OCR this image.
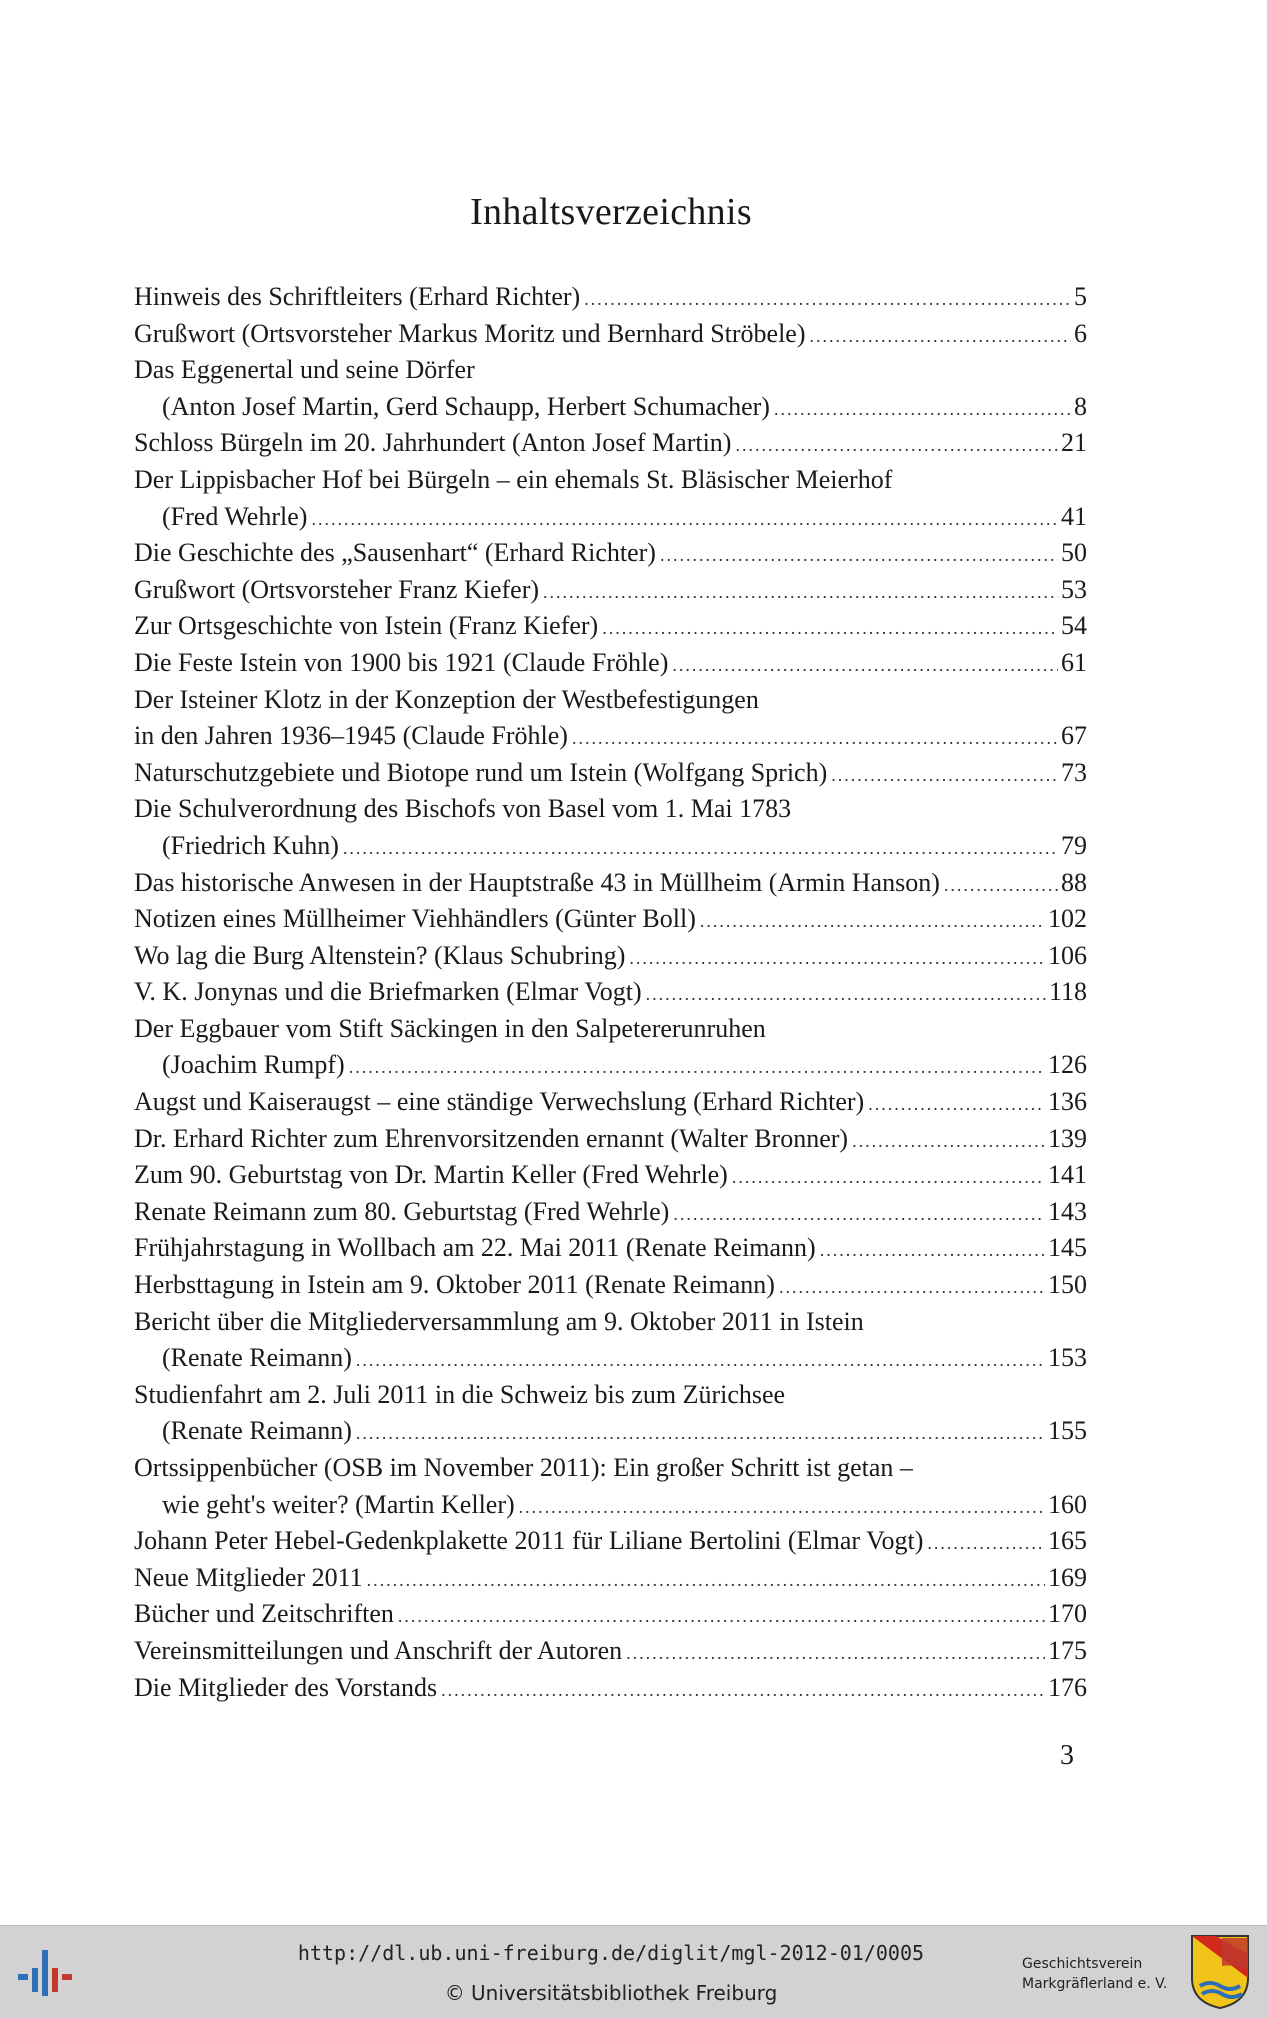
Inhaltsverzeichnis
Hinweis des Schriftleiters (Erhard Richter) .....	5
Grußwort (Ortsvorsteher Markus Moritz und Bernhard Ströbele) .....	6
Das Eggenertal und seine Dörfer
(Anton Josef Martin, Gerd Schaupp, Herbert Schumacher) .....	8
Schloss Bürgeln im 20. Jahrhundert (Anton Josef Martin) .....	21
Der Lippisbacher Hof bei Bürgeln – ein ehemals St. Bläsischer Meierhof
(Fred Wehrle) .....	41
Die Geschichte des „Sausenhart“ (Erhard Richter) .....	50
Grußwort (Ortsvorsteher Franz Kiefer) .....	53
Zur Ortsgeschichte von Istein (Franz Kiefer) .....	54
Die Feste Istein von 1900 bis 1921 (Claude Fröhle) .....	61
Der Isteiner Klotz in der Konzeption der Westbefestigungen
in den Jahren 1936–1945 (Claude Fröhle) .....	67
Naturschutzgebiete und Biotope rund um Istein (Wolfgang Sprich) .....	73
Die Schulverordnung des Bischofs von Basel vom 1. Mai 1783
(Friedrich Kuhn) .....	79
Das historische Anwesen in der Hauptstraße 43 in Müllheim (Armin Hanson) .....	88
Notizen eines Müllheimer Viehhändlers (Günter Boll) .....	102
Wo lag die Burg Altenstein? (Klaus Schubring) .....	106
V. K. Jonynas und die Briefmarken (Elmar Vogt) .....	118
Der Eggbauer vom Stift Säckingen in den Salpetererunruhen
(Joachim Rumpf) .....	126
Augst und Kaiseraugst – eine ständige Verwechslung (Erhard Richter) .....	136
Dr. Erhard Richter zum Ehrenvorsitzenden ernannt (Walter Bronner) .....	139
Zum 90. Geburtstag von Dr. Martin Keller (Fred Wehrle) .....	141
Renate Reimann zum 80. Geburtstag (Fred Wehrle) .....	143
Frühjahrstagung in Wollbach am 22. Mai 2011 (Renate Reimann) .....	145
Herbsttagung in Istein am 9. Oktober 2011 (Renate Reimann) .....	150
Bericht über die Mitgliederversammlung am 9. Oktober 2011 in Istein
(Renate Reimann) .....	153
Studienfahrt am 2. Juli 2011 in die Schweiz bis zum Zürichsee
(Renate Reimann) .....	155
Ortssippenbücher (OSB im November 2011): Ein großer Schritt ist getan –
wie geht's weiter? (Martin Keller) .....	160
Johann Peter Hebel-Gedenkplakette 2011 für Liliane Bertolini (Elmar Vogt) .....	165
Neue Mitglieder 2011 .....	169
Bücher und Zeitschriften .....	170
Vereinsmitteilungen und Anschrift der Autoren .....	175
Die Mitglieder des Vorstands .....	176
3
http://dl.ub.uni-freiburg.de/diglit/mgl-2012-01/0005
© Universitätsbibliothek Freiburg
Geschichtsverein
Markgräflerland e. V.
